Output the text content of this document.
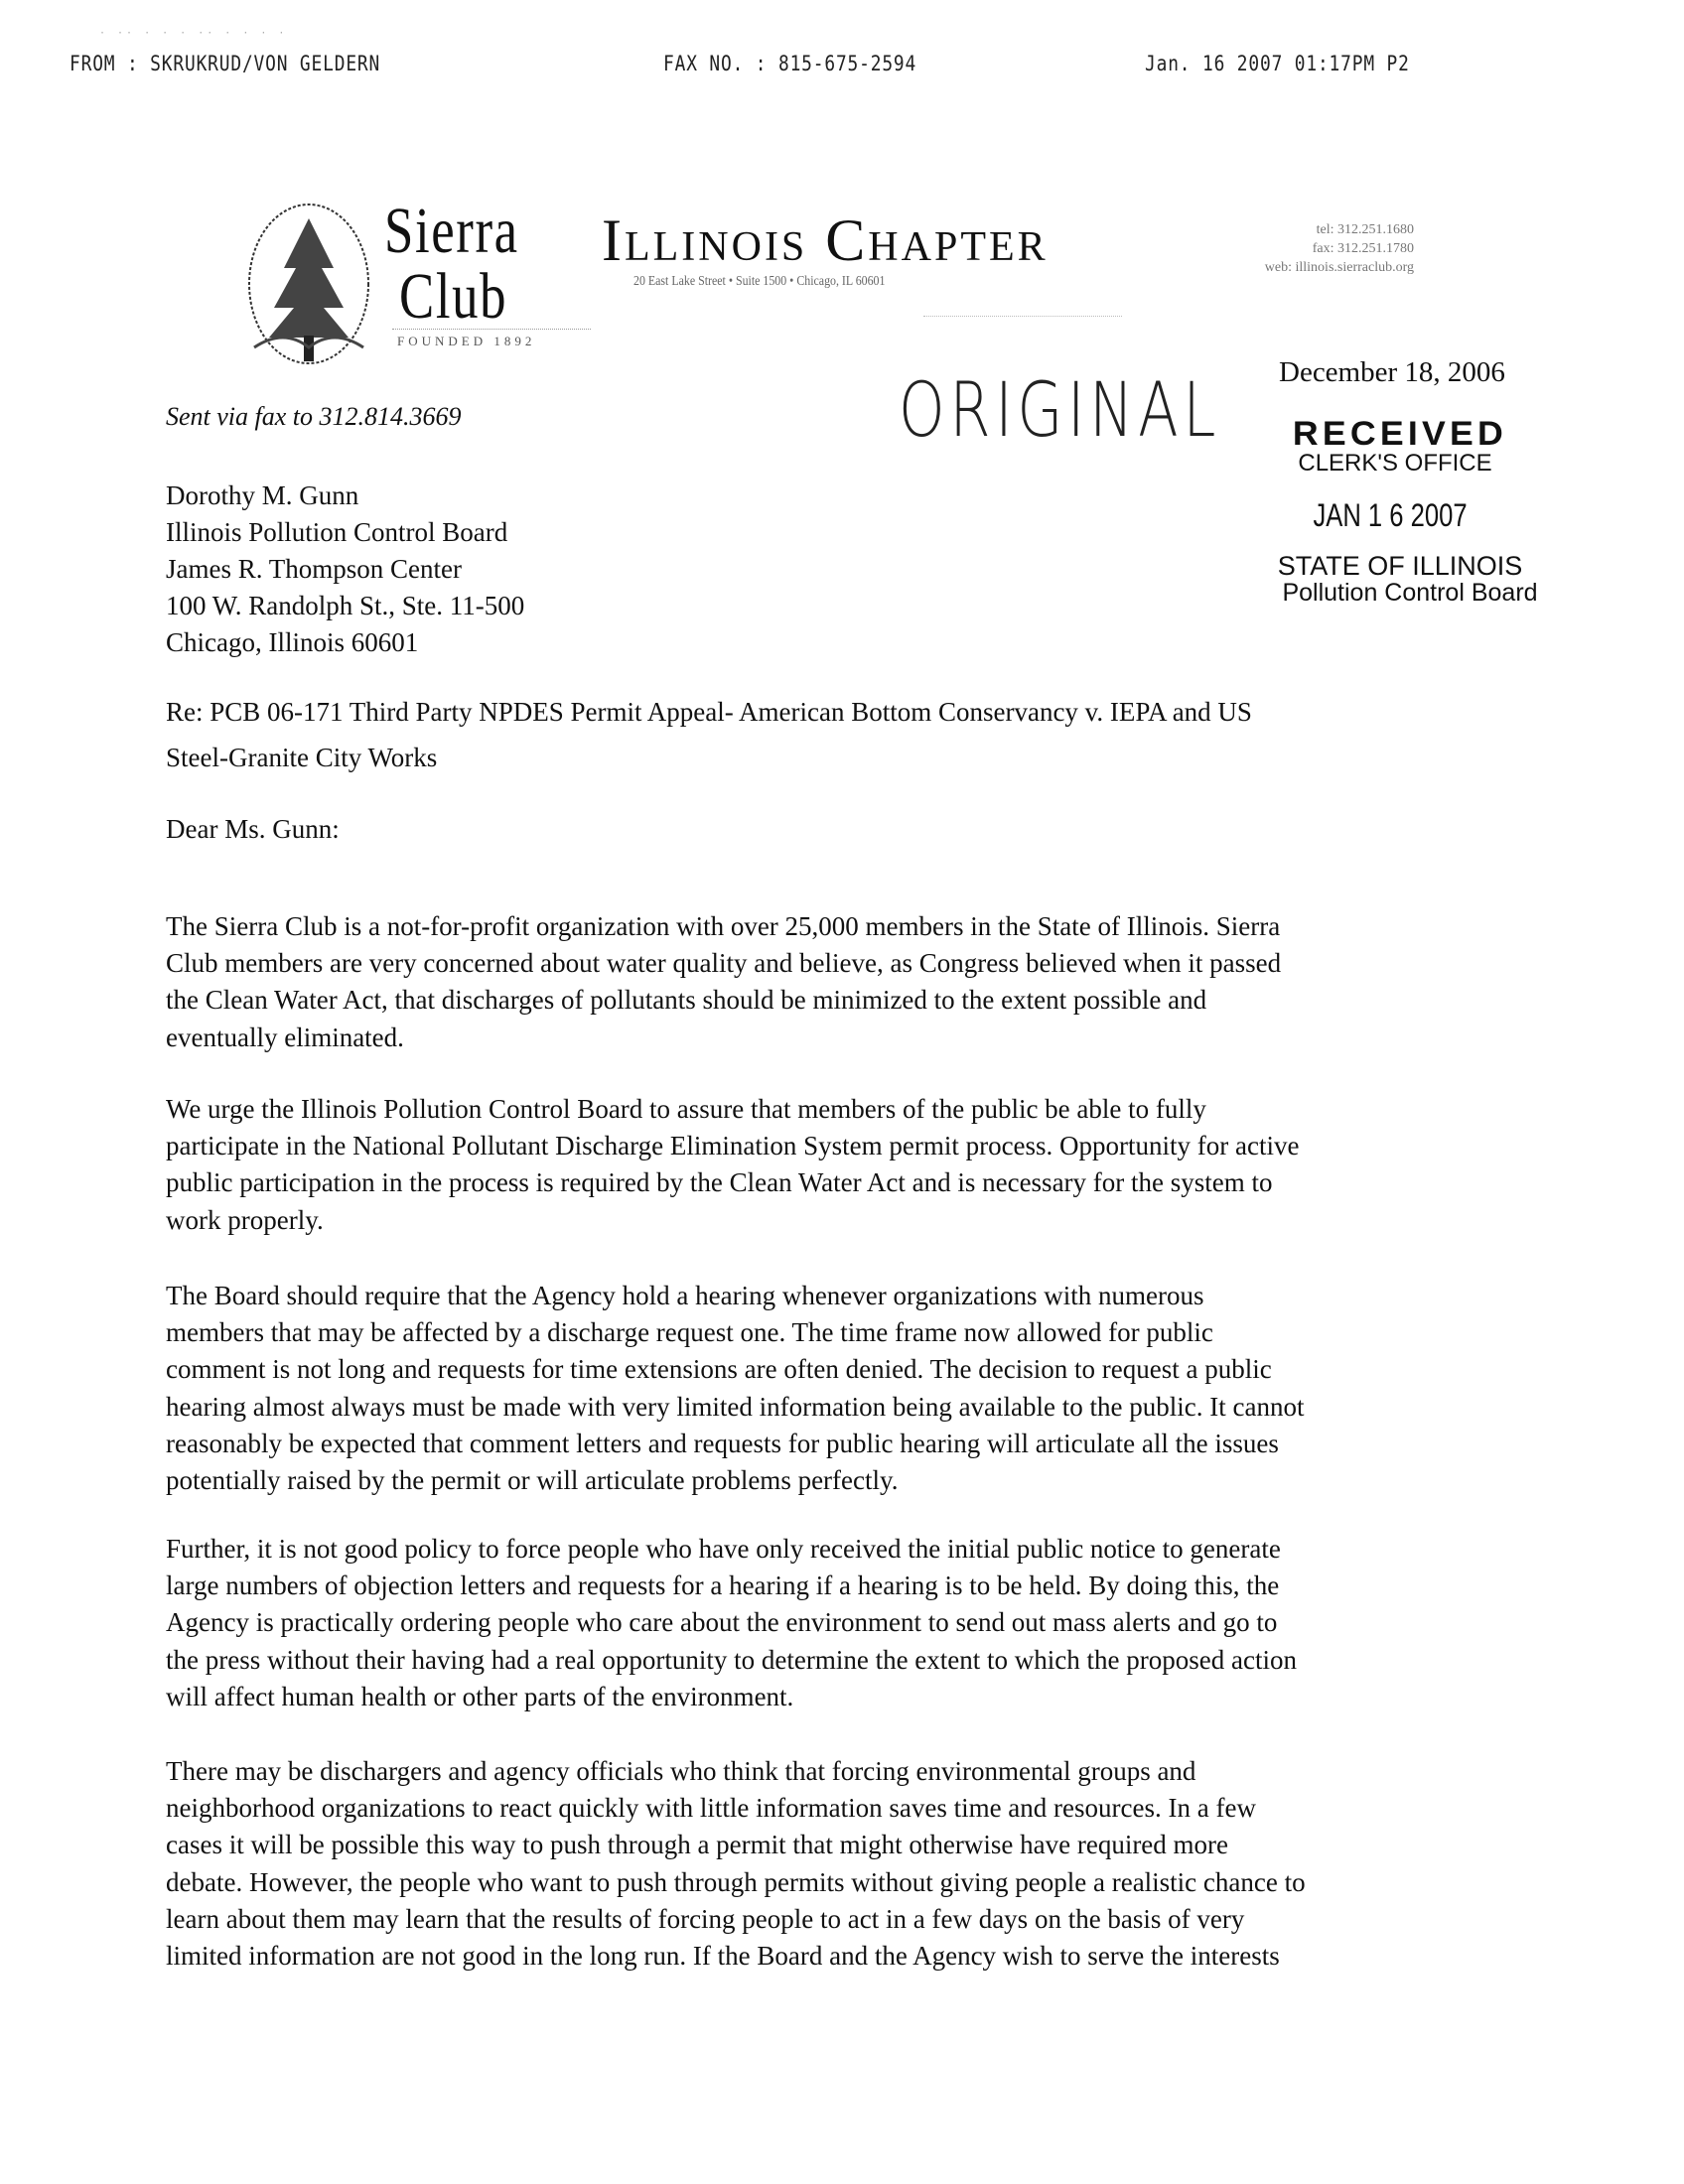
· ·· · · · ·· · · · ·
FROM : SKRUKRUD/VON GELDERN	FAX NO. : 815-675-2594	Jan. 16 2007 01:17PM P2
Sierra
Club
FOUNDED 1892
Illinois Chapter
20 East Lake Street • Suite 1500 • Chicago, IL 60601
tel: 312.251.1680
fax: 312.251.1780
web: illinois.sierraclub.org
December 18, 2006
Sent via fax to 312.814.3669	ORIGINAL	RECEIVED
CLERK'S OFFICE
JAN 1 6 2007
STATE OF ILLINOIS
Pollution Control Board
Dorothy M. Gunn
Illinois Pollution Control Board
James R. Thompson Center
100 W. Randolph St., Ste. 11-500
Chicago, Illinois 60601
Re: PCB 06-171 Third Party NPDES Permit Appeal- American Bottom Conservancy v. IEPA and US
Steel-Granite City Works
Dear Ms. Gunn:
The Sierra Club is a not-for-profit organization with over 25,000 members in the State of Illinois. Sierra
Club members are very concerned about water quality and believe, as Congress believed when it passed
the Clean Water Act, that discharges of pollutants should be minimized to the extent possible and
eventually eliminated.
We urge the Illinois Pollution Control Board to assure that members of the public be able to fully
participate in the National Pollutant Discharge Elimination System permit process. Opportunity for active
public participation in the process is required by the Clean Water Act and is necessary for the system to
work properly.
The Board should require that the Agency hold a hearing whenever organizations with numerous
members that may be affected by a discharge request one. The time frame now allowed for public
comment is not long and requests for time extensions are often denied. The decision to request a public
hearing almost always must be made with very limited information being available to the public. It cannot
reasonably be expected that comment letters and requests for public hearing will articulate all the issues
potentially raised by the permit or will articulate problems perfectly.
Further, it is not good policy to force people who have only received the initial public notice to generate
large numbers of objection letters and requests for a hearing if a hearing is to be held. By doing this, the
Agency is practically ordering people who care about the environment to send out mass alerts and go to
the press without their having had a real opportunity to determine the extent to which the proposed action
will affect human health or other parts of the environment.
There may be dischargers and agency officials who think that forcing environmental groups and
neighborhood organizations to react quickly with little information saves time and resources. In a few
cases it will be possible this way to push through a permit that might otherwise have required more
debate. However, the people who want to push through permits without giving people a realistic chance to
learn about them may learn that the results of forcing people to act in a few days on the basis of very
limited information are not good in the long run. If the Board and the Agency wish to serve the interests
